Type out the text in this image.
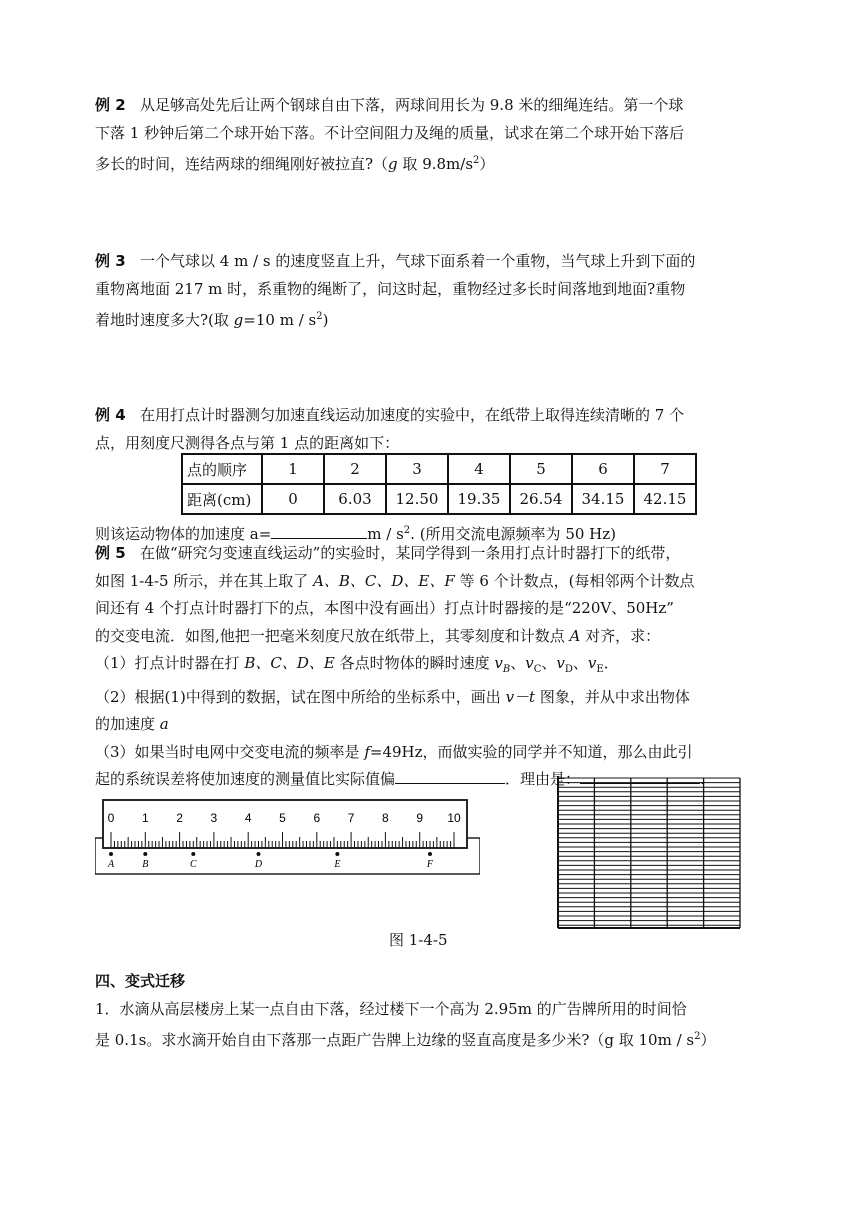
例 2 从足够高处先后让两个钢球自由下落，两球间用长为 9.8 米的细绳连结。第一个球
下落 1 秒钟后第二个球开始下落。不计空间阻力及绳的质量，试求在第二个球开始下落后
多长的时间，连结两球的细绳刚好被拉直?（g 取 $9.8m/s^2$）
例 3 一个气球以 4 m / s 的速度竖直上升，气球下面系着一个重物，当气球上升到下面的
重物离地面 217 m 时，系重物的绳断了，问这时起，重物经过多长时间落地到地面?重物
着地时速度多大?(取 g=10 m / $s^2$)
例 4 在用打点计时器测匀加速直线运动加速度的实验中，在纸带上取得连续清晰的 7 个
点，用刻度尺测得各点与第 1 点的距离如下：
点的顺序	1	2	3	4	5	6	7
距离(cm)	0	6.03	12.50	19.35	26.54	34.15	42.15
则该运动物体的加速度 a=	m / $s^2$. (所用交流电源频率为 50 Hz)
例 5 在做“研究匀变速直线运动”的实验时，某同学得到一条用打点计时器打下的纸带，
如图 1-4-5 所示，并在其上取了 A、B、C、D、E、F 等 6 个计数点，(每相邻两个计数点
间还有 4 个打点计时器打下的点，本图中没有画出）打点计时器接的是“220V、50Hz”
的交变电流．如图,他把一把毫米刻度尺放在纸带上，其零刻度和计数点 A 对齐，求：
（1）打点计时器在打 B、C、D、E 各点时物体的瞬时速度 $v_B$、$v_C$、$v_D$、$v_E$．
（2）根据(1)中得到的数据，试在图中所给的坐标系中，画出 v－t 图象，并从中求出物体
的加速度 a
（3）如果当时电网中交变电流的频率是 f=49Hz，而做实验的同学并不知道，那么由此引
起的系统误差将使加速度的测量值比实际值偏	．理由是：	.
0 1 2 3 4 5 6 7 8 9 10
A	B	C	D	E	F
图 1-4-5
四、变式迁移
1．水滴从高层楼房上某一点自由下落，经过楼下一个高为 2.95m 的广告牌所用的时间恰
是 0.1s。求水滴开始自由下落那一点距广告牌上边缘的竖直高度是多少米?（g 取 $10m / s^2$）
